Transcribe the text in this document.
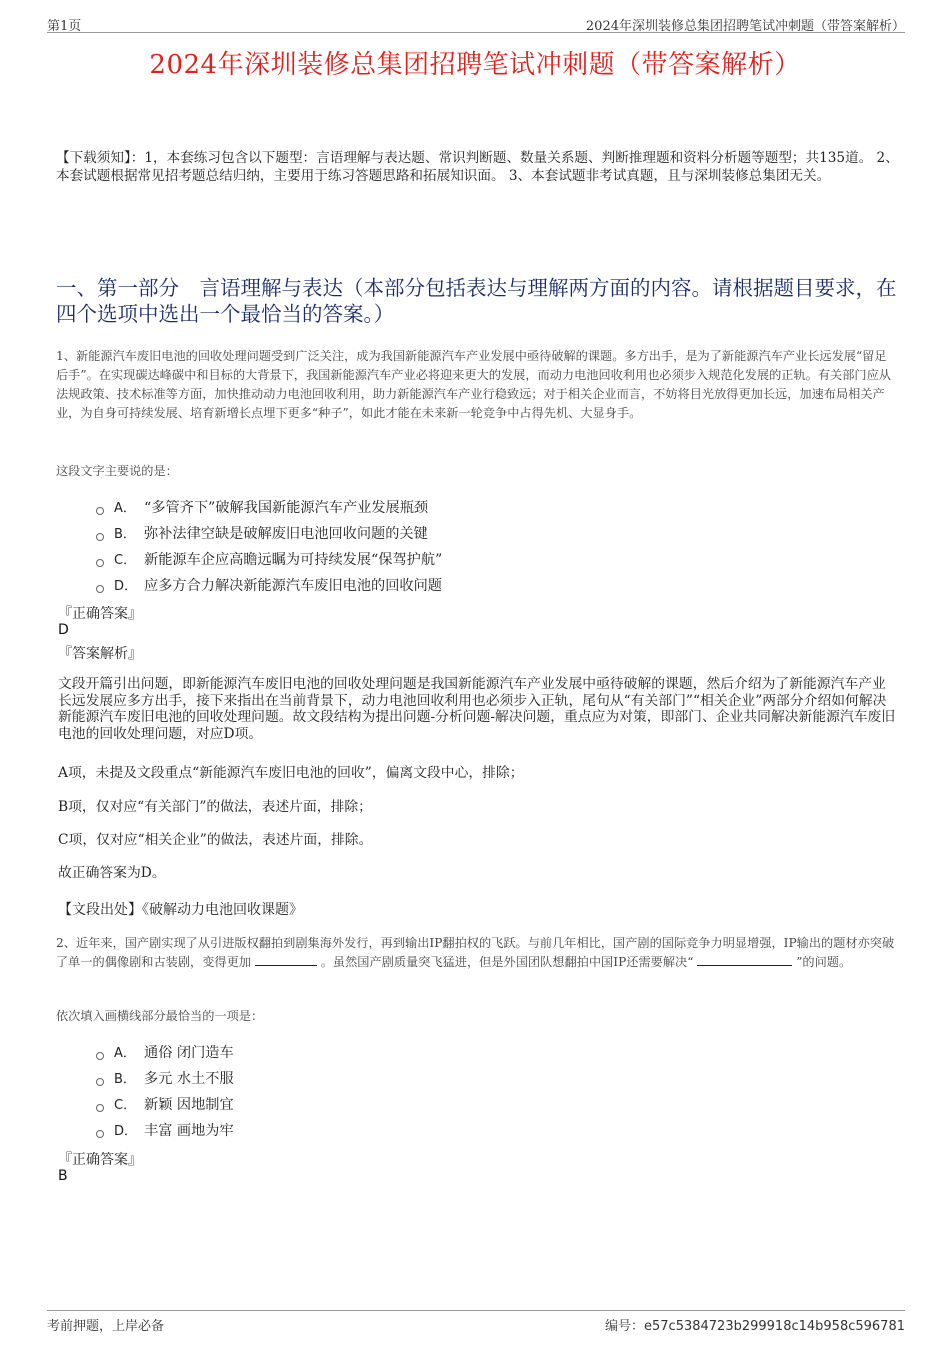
第1页	2024年深圳装修总集团招聘笔试冲刺题（带答案解析）
2024年深圳装修总集团招聘笔试冲刺题（带答案解析）
【下载须知】：1，本套练习包含以下题型：言语理解与表达题、常识判断题、数量关系题、判断推理题和资料分析题等题型；共135道。 2、本套试题根据常见招考题总结归纳，主要用于练习答题思路和拓展知识面。 3、本套试题非考试真题，且与深圳装修总集团无关。
一、第一部分　言语理解与表达（本部分包括表达与理解两方面的内容。请根据题目要求，在四个选项中选出一个最恰当的答案。）
1、新能源汽车废旧电池的回收处理问题受到广泛关注，成为我国新能源汽车产业发展中亟待破解的课题。多方出手，是为了新能源汽车产业长远发展“留足后手”。在实现碳达峰碳中和目标的大背景下，我国新能源汽车产业必将迎来更大的发展，而动力电池回收利用也必须步入规范化发展的正轨。有关部门应从法规政策、技术标准等方面，加快推动动力电池回收利用，助力新能源汽车产业行稳致远；对于相关企业而言，不妨将目光放得更加长远，加速布局相关产业，为自身可持续发展、培育新增长点埋下更多“种子”，如此才能在未来新一轮竞争中占得先机、大显身手。
这段文字主要说的是：
A． “多管齐下”破解我国新能源汽车产业发展瓶颈
B． 弥补法律空缺是破解废旧电池回收问题的关键
C． 新能源车企应高瞻远瞩为可持续发展“保驾护航”
D． 应多方合力解决新能源汽车废旧电池的回收问题
『正确答案』
D
『答案解析』
文段开篇引出问题，即新能源汽车废旧电池的回收处理问题是我国新能源汽车产业发展中亟待破解的课题，然后介绍为了新能源汽车产业长远发展应多方出手，接下来指出在当前背景下，动力电池回收利用也必须步入正轨，尾句从“有关部门”“相关企业”两部分介绍如何解决新能源汽车废旧电池的回收处理问题。故文段结构为提出问题-分析问题-解决问题，重点应为对策，即部门、企业共同解决新能源汽车废旧电池的回收处理问题，对应D项。
A项，未提及文段重点“新能源汽车废旧电池的回收”，偏离文段中心，排除；
B项，仅对应“有关部门”的做法，表述片面，排除；
C项，仅对应“相关企业”的做法，表述片面，排除。
故正确答案为D。
【文段出处】《破解动力电池回收课题》
2、近年来，国产剧实现了从引进版权翻拍到剧集海外发行，再到输出IP翻拍权的飞跃。与前几年相比，国产剧的国际竞争力明显增强，IP输出的题材亦突破了单一的偶像剧和古装剧，变得更加	。虽然国产剧质量突飞猛进，但是外国团队想翻拍中国IP还需要解决“	”的问题。
依次填入画横线部分最恰当的一项是：
A． 通俗 闭门造车
B． 多元 水土不服
C． 新颖 因地制宜
D． 丰富 画地为牢
『正确答案』
B
考前押题，上岸必备	编号：e57c5384723b299918c14b958c596781
